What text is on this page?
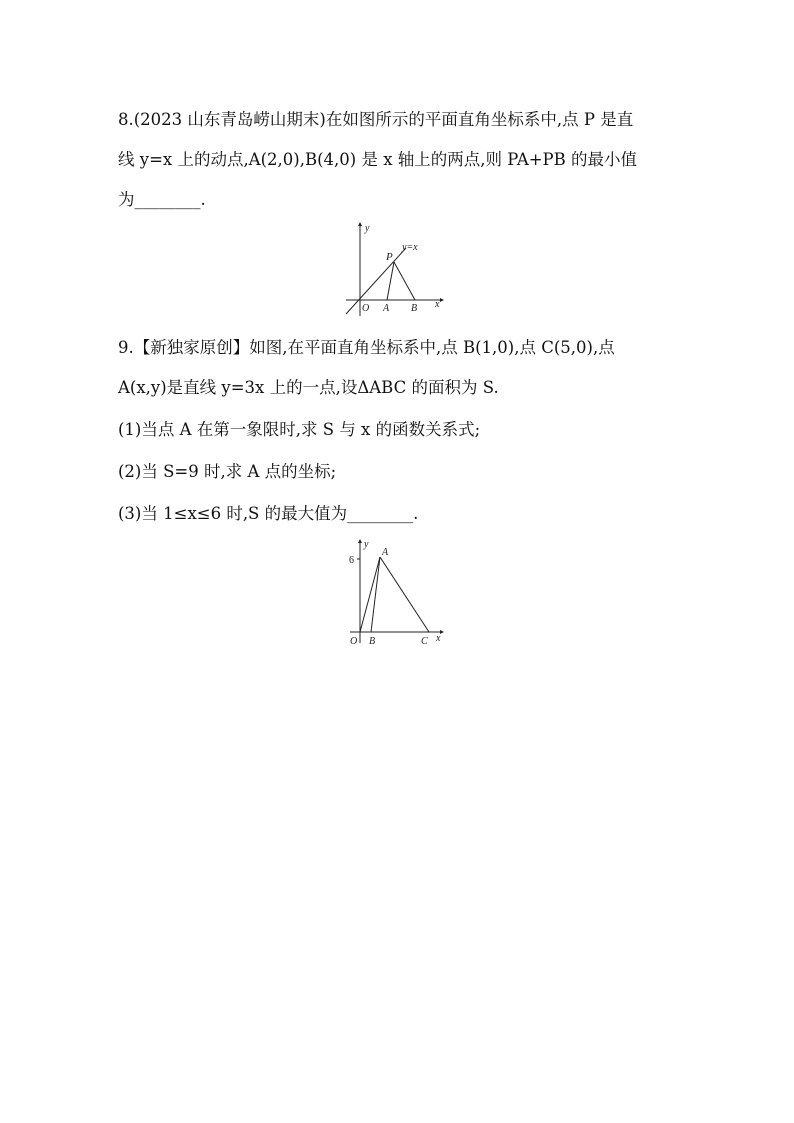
8.(2023 山东青岛崂山期末)在如图所示的平面直角坐标系中,点 P 是直
线 y=x 上的动点,A(2,0),B(4,0) 是 x 轴上的两点,则 PA+PB 的最小值
为________.
y
y=x
P
O A B x
9.【新独家原创】如图,在平面直角坐标系中,点 B(1,0),点 C(5,0),点
A(x,y)是直线 y=3x 上的一点,设ΔABC 的面积为 S.
(1)当点 A 在第一象限时,求 S 与 x 的函数关系式;
(2)当 S=9 时,求 A 点的坐标;
(3)当 1≤x≤6 时,S 的最大值为________.
y
6
A
O B	C x
